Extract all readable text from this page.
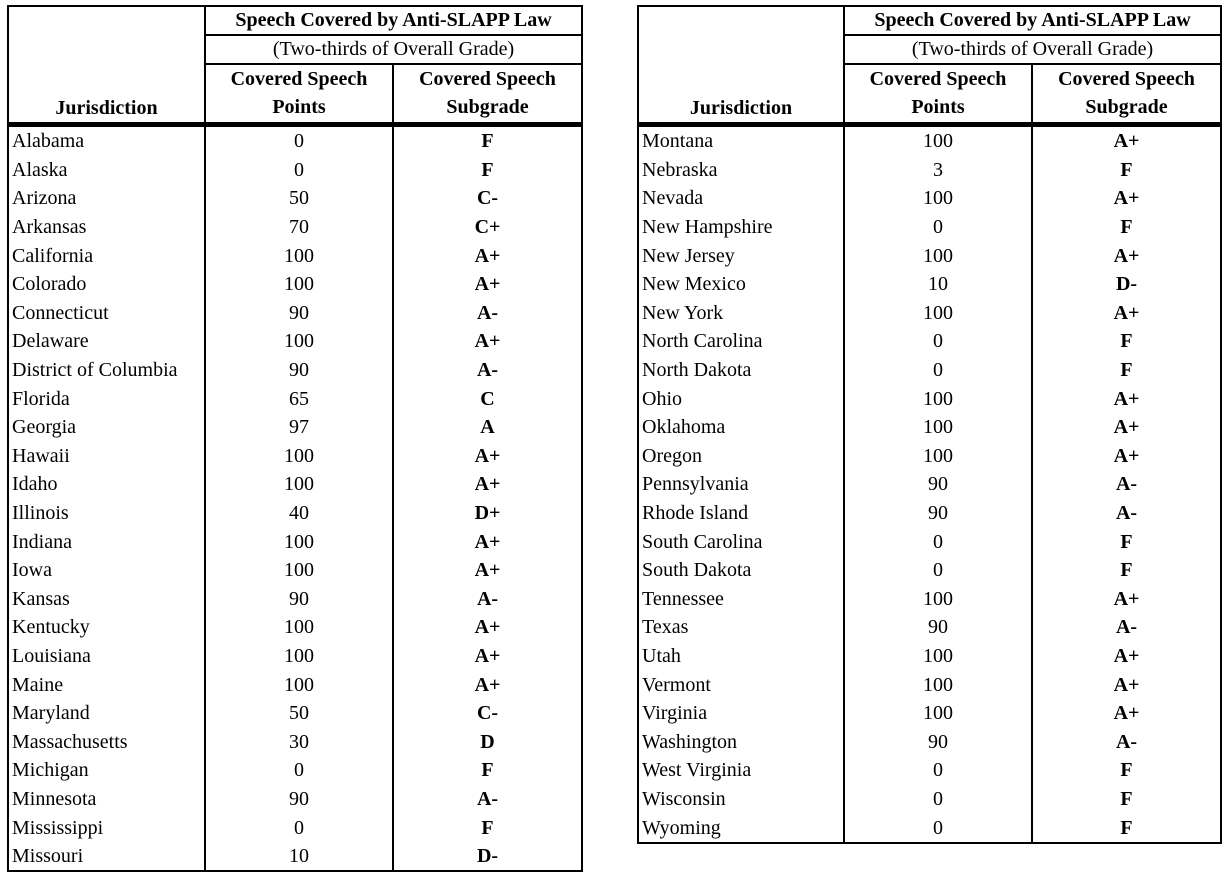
	Speech Covered by Anti-SLAPP Law	
	(Two-thirds of Overall Grade)	
	Covered Speech	Covered Speech
Jurisdiction	Points	Subgrade
Alabama	0	F
Alaska	0	F
Arizona	50	C-
Arkansas	70	C+
California	100	A+
Colorado	100	A+
Connecticut	90	A-
Delaware	100	A+
District of Columbia	90	A-
Florida	65	C
Georgia	97	A
Hawaii	100	A+
Idaho	100	A+
Illinois	40	D+
Indiana	100	A+
Iowa	100	A+
Kansas	90	A-
Kentucky	100	A+
Louisiana	100	A+
Maine	100	A+
Maryland	50	C-
Massachusetts	30	D
Michigan	0	F
Minnesota	90	A-
Mississippi	0	F
Missouri	10	D-
	Speech Covered by Anti-SLAPP Law	
	(Two-thirds of Overall Grade)	
	Covered Speech	Covered Speech
Jurisdiction	Points	Subgrade
Montana	100	A+
Nebraska	3	F
Nevada	100	A+
New Hampshire	0	F
New Jersey	100	A+
New Mexico	10	D-
New York	100	A+
North Carolina	0	F
North Dakota	0	F
Ohio	100	A+
Oklahoma	100	A+
Oregon	100	A+
Pennsylvania	90	A-
Rhode Island	90	A-
South Carolina	0	F
South Dakota	0	F
Tennessee	100	A+
Texas	90	A-
Utah	100	A+
Vermont	100	A+
Virginia	100	A+
Washington	90	A-
West Virginia	0	F
Wisconsin	0	F
Wyoming	0	F
